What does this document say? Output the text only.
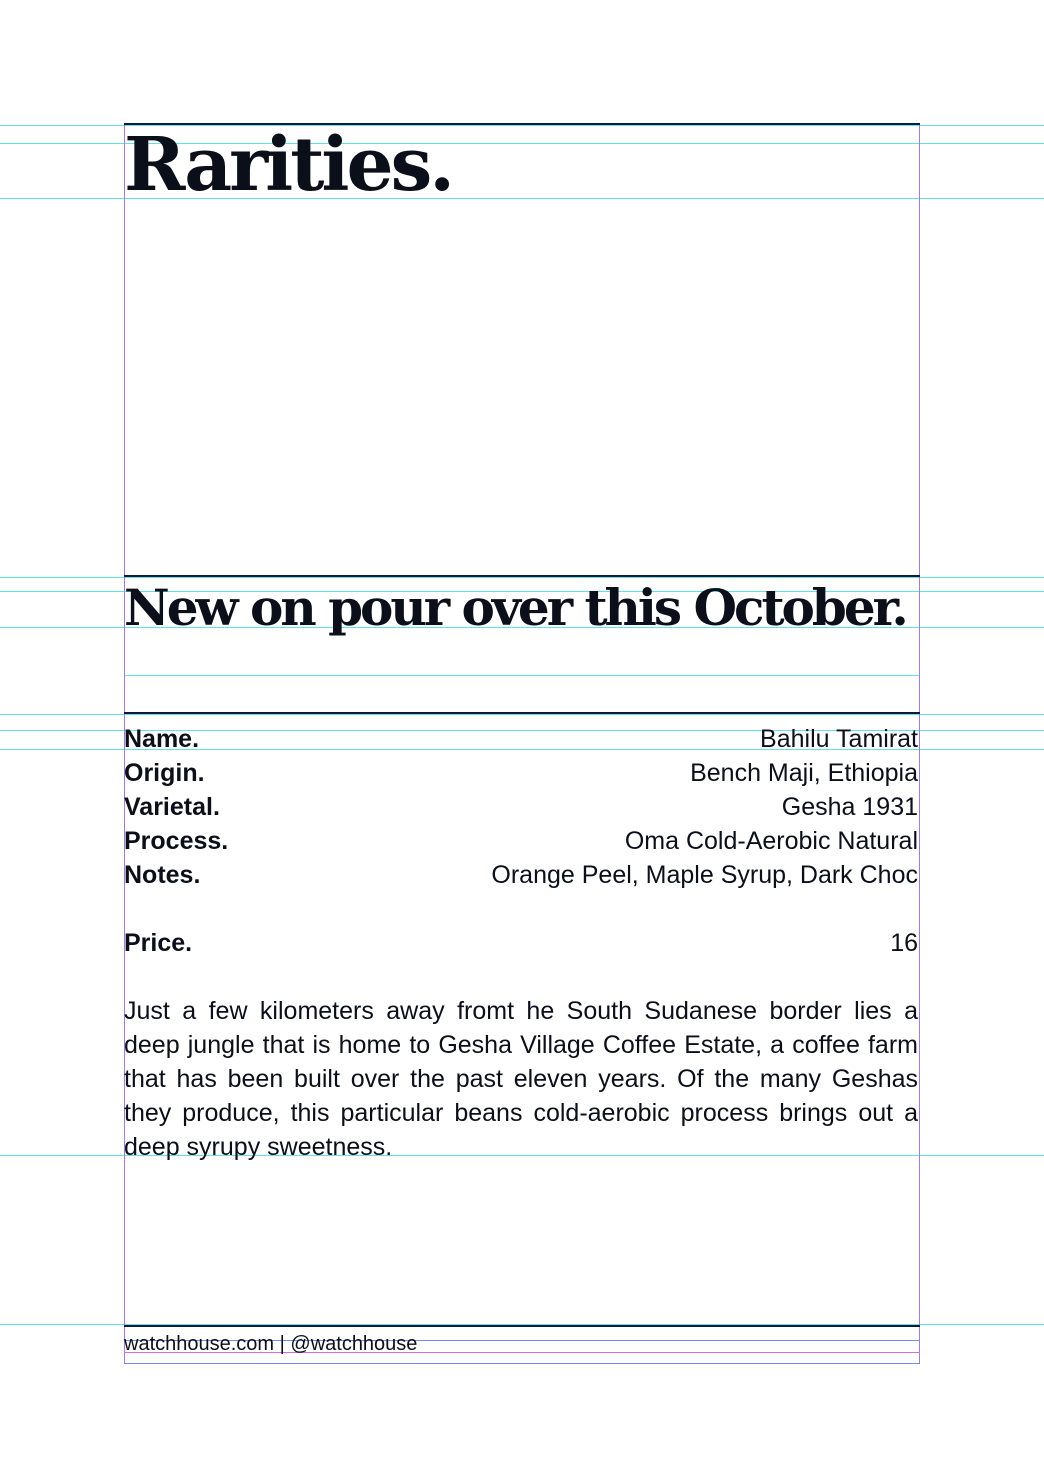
Rarities.
New on pour over this October.
Name.	Bahilu Tamirat
Origin.	Bench Maji, Ethiopia
Varietal.	Gesha 1931
Process.	Oma Cold-Aerobic Natural
Notes.	Orange Peel, Maple Syrup, Dark Choc
Price.	16

Just a few kilometers away fromt he South Sudanese border lies a deep jungle that is home to Gesha Village Coffee Estate, a coffee farm that has been built over the past eleven years. Of the many Geshas they produce, this particular beans cold-aerobic process brings out a deep syrupy sweetness.

watchhouse.com | @watchhouse
